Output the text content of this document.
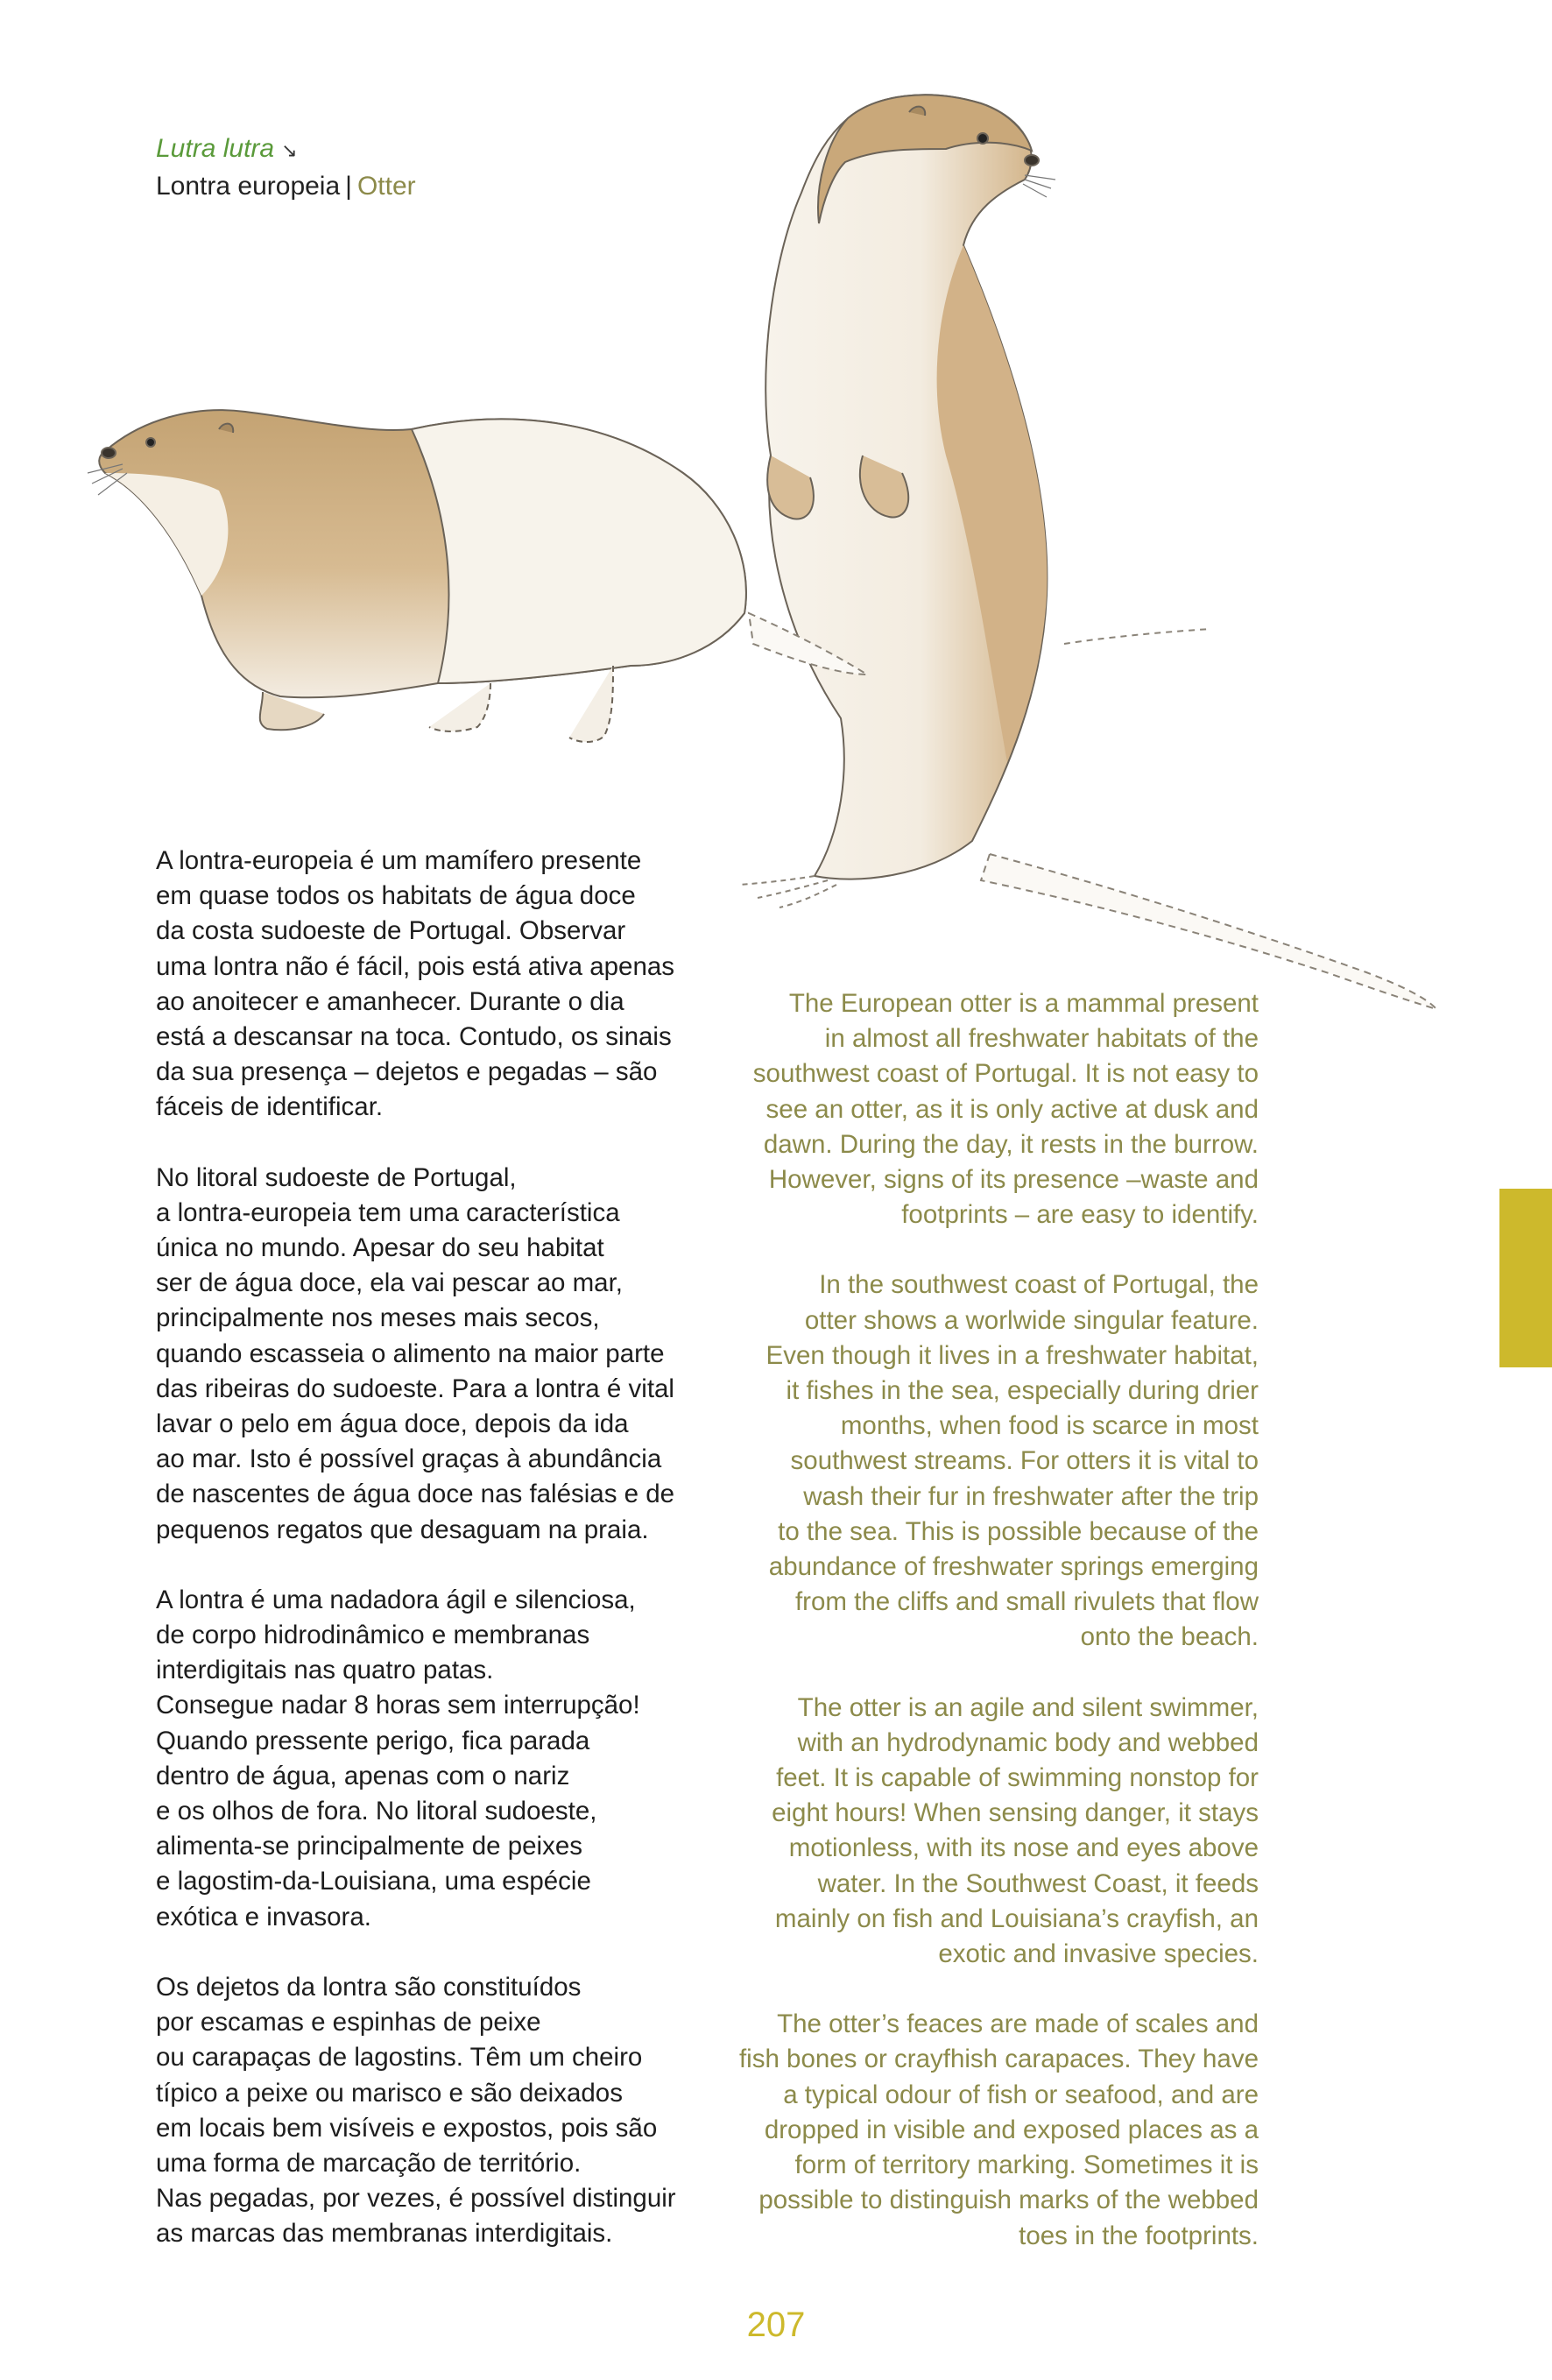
Lutra lutra ↘
Lontra europeia | Otter
A lontra-europeia é um mamífero presente
em quase todos os habitats de água doce
da costa sudoeste de Portugal. Observar
uma lontra não é fácil, pois está ativa apenas
ao anoitecer e amanhecer. Durante o dia
está a descansar na toca. Contudo, os sinais
da sua presença – dejetos e pegadas – são
fáceis de identificar.
No litoral sudoeste de Portugal,
a lontra-europeia tem uma característica
única no mundo. Apesar do seu habitat
ser de água doce, ela vai pescar ao mar,
principalmente nos meses mais secos,
quando escasseia o alimento na maior parte
das ribeiras do sudoeste. Para a lontra é vital
lavar o pelo em água doce, depois da ida
ao mar. Isto é possível graças à abundância
de nascentes de água doce nas falésias e de
pequenos regatos que desaguam na praia.
A lontra é uma nadadora ágil e silenciosa,
de corpo hidrodinâmico e membranas
interdigitais nas quatro patas.
Consegue nadar 8 horas sem interrupção!
Quando pressente perigo, fica parada
dentro de água, apenas com o nariz
e os olhos de fora. No litoral sudoeste,
alimenta-se principalmente de peixes
e lagostim-da-Louisiana, uma espécie
exótica e invasora.
Os dejetos da lontra são constituídos
por escamas e espinhas de peixe
ou carapaças de lagostins. Têm um cheiro
típico a peixe ou marisco e são deixados
em locais bem visíveis e expostos, pois são
uma forma de marcação de território.
Nas pegadas, por vezes, é possível distinguir
as marcas das membranas interdigitais.
The European otter is a mammal present
in almost all freshwater habitats of the
southwest coast of Portugal. It is not easy to
see an otter, as it is only active at dusk and
dawn. During the day, it rests in the burrow.
However, signs of its presence –waste and
footprints – are easy to identify.
In the southwest coast of Portugal, the
otter shows a worlwide singular feature.
Even though it lives in a freshwater habitat,
it fishes in the sea, especially during drier
months, when food is scarce in most
southwest streams. For otters it is vital to
wash their fur in freshwater after the trip
to the sea. This is possible because of the
abundance of freshwater springs emerging
from the cliffs and small rivulets that flow
onto the beach.
The otter is an agile and silent swimmer,
with an hydrodynamic body and webbed
feet. It is capable of swimming nonstop for
eight hours! When sensing danger, it stays
motionless, with its nose and eyes above
water. In the Southwest Coast, it feeds
mainly on fish and Louisiana’s crayfish, an
exotic and invasive species.
The otter’s feaces are made of scales and
fish bones or crayfhish carapaces. They have
a typical odour of fish or seafood, and are
dropped in visible and exposed places as a
form of territory marking. Sometimes it is
possible to distinguish marks of the webbed
toes in the footprints.
207
